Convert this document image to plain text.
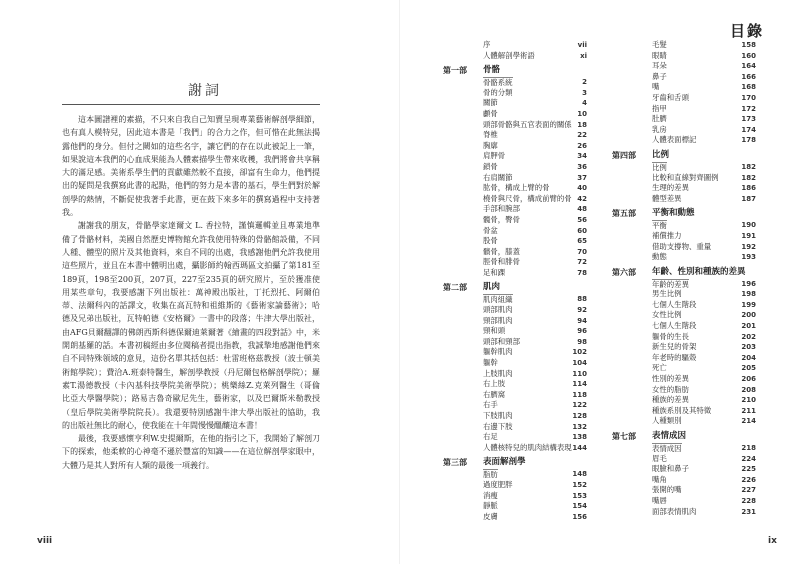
謝詞

這本圖譜裡的素描，不只來自我自己知賣呈現專業藝術解剖學細節，也有真人模特兒，因此這本書是「我們」的合力之作，但可惜在此無法揭露他們的身分。但付之闕如的這些名字，讓它們的存在以此被記上一筆，如果說這本我們的心血成果能為人體素描學生帶來收穫，我們將會共享稱大的滿足感。美術系學生們的貢獻雖然較不直接，卻富有生命力，他們提出的疑問是我撰寫此書的起點，他們的努力是本書的基石，學生們對於解剖學的熱情，不斷促使我著手此書，更在鼓下來多年的撰寫過程中支持著我。

謝謝我的朋友，骨骼學家達爾文 L. 香拉特，謹慎邏輯並且專業地準備了骨骼材料，美國自然歷史博物館允許我使用特殊的骨骼館設備，不同人種、體型的照片及其他資料，來自不同的出處，我感謝他們允許我使用這些照片，並且在本書中體明出處，攝影師約翰西瑪區文拍攝了第181至189頁，198至200頁，207頁，227至235頁的研究照片，至於獲准使用某些章句，我要感謝下列出版社：萬神殿出版社，丁托烈托、阿爾伯蒂、法爾科內的話譯文，收集在高瓦特和祖維斯的《藝術家論藝術》；哈德及兄弟出版社，瓦特帕德《安格爾》一書中的段落；牛津大學出版社，由AFG貝爾翻譯的佛朗西斯科德保爾迪萊爾著《繪畫的四段對話》中，米開朗基羅的話。本書初稿經由多位閱稿者提出指教，我誠摯地感謝他們來自不同特殊領域的意見，這份名單其括包括：杜雷班格茲教授（波士頓美術館學院）；費洽A.班泰特醫生，解剖學教授（丹尼爾包格解剖學院）；羅素T.湯德教授（卡內基科技學院美術學院）；桃樂絲Z.克萊列醫生（哥倫比亞大學醫學院）；路易吉魯奇歐尼先生，藝術家，以及巴爾斯米勒教授（皇后學院美術學院院長）。我還要特別感謝牛津大學出版社的協助，我的出版社無比的耐心，使我能在十年間慢慢醞釀這本書！

最後，我要感懷亨利W.史提爾斯，在他的指引之下，我開始了解剖刀下的探索，他柔軟的心神毫不遜於豐富的知識——在這位解剖學家眼中，大體乃是其人對所有人類的最後一項義行。

viii
目錄
序	vii
人體解剖學術語	xi
第一部 骨骼
骨骼系統	2
骨的分類	3
關節	4
顱骨	10
頭部骨骼與五官表面的關係 18
脊椎	22
胸廓	26
肩胛骨	34
鎖骨	36
右肩關節	37
肱骨，構成上臂的骨	40
橈骨與尺骨，構成前臂的骨 42
手部和腕部	48
髖骨，臀骨	56
骨盆	60
股骨	65
髕骨，膝蓋	70
脛骨和腓骨	72
足和踝	78
第二部 肌肉
肌肉組織	88
頭部肌肉	92
頸部肌肉	94
頸和頭	96
頭部和頸部	98
軀幹肌肉	102
軀幹	104
上肢肌肉	110
右上肢	114
右臍窩	118
右手	122
下肢肌肉	128
右邊下肢	132
右足	138
人體核特兒的肌肉結構表現 144
第三部 表面解剖學
脂肪	148
過度肥胖	152
消瘦	153
靜脈	154
皮膚	156
毛髮	158
眼睛	160
耳朵	164
鼻子	166
嘴	168
牙齒和舌頭	170
指甲	172
肚臍	173
乳房	174
人體表面標記	178
第四部 比例
比例	182
比較和直線對齊圖例	182
生理的差異	186
體型差異	187
第五部 平衡和動態
平衡	190
補償推力	191
借助支撐物、重量	192
動態	193
第六部 年齡、性別和種族的差異
年齡的差異	196
男生比例	198
七個人生階段	199
女性比例	200
七個人生階段	201
軀骨的生長	202
新生兒的骨架	203
年老時的驅殼	204
死亡	205
性別的差異	206
女性的脂肪	208
種族的差異	210
種族系別及其特徵	211
人種類別	214
第七部 表情成因
表情成因	218
眉毛	224
眼臉和鼻子	225
嘴角	226
張開的嘴	227
嘴唇	228
面部表情肌肉	231
ix
